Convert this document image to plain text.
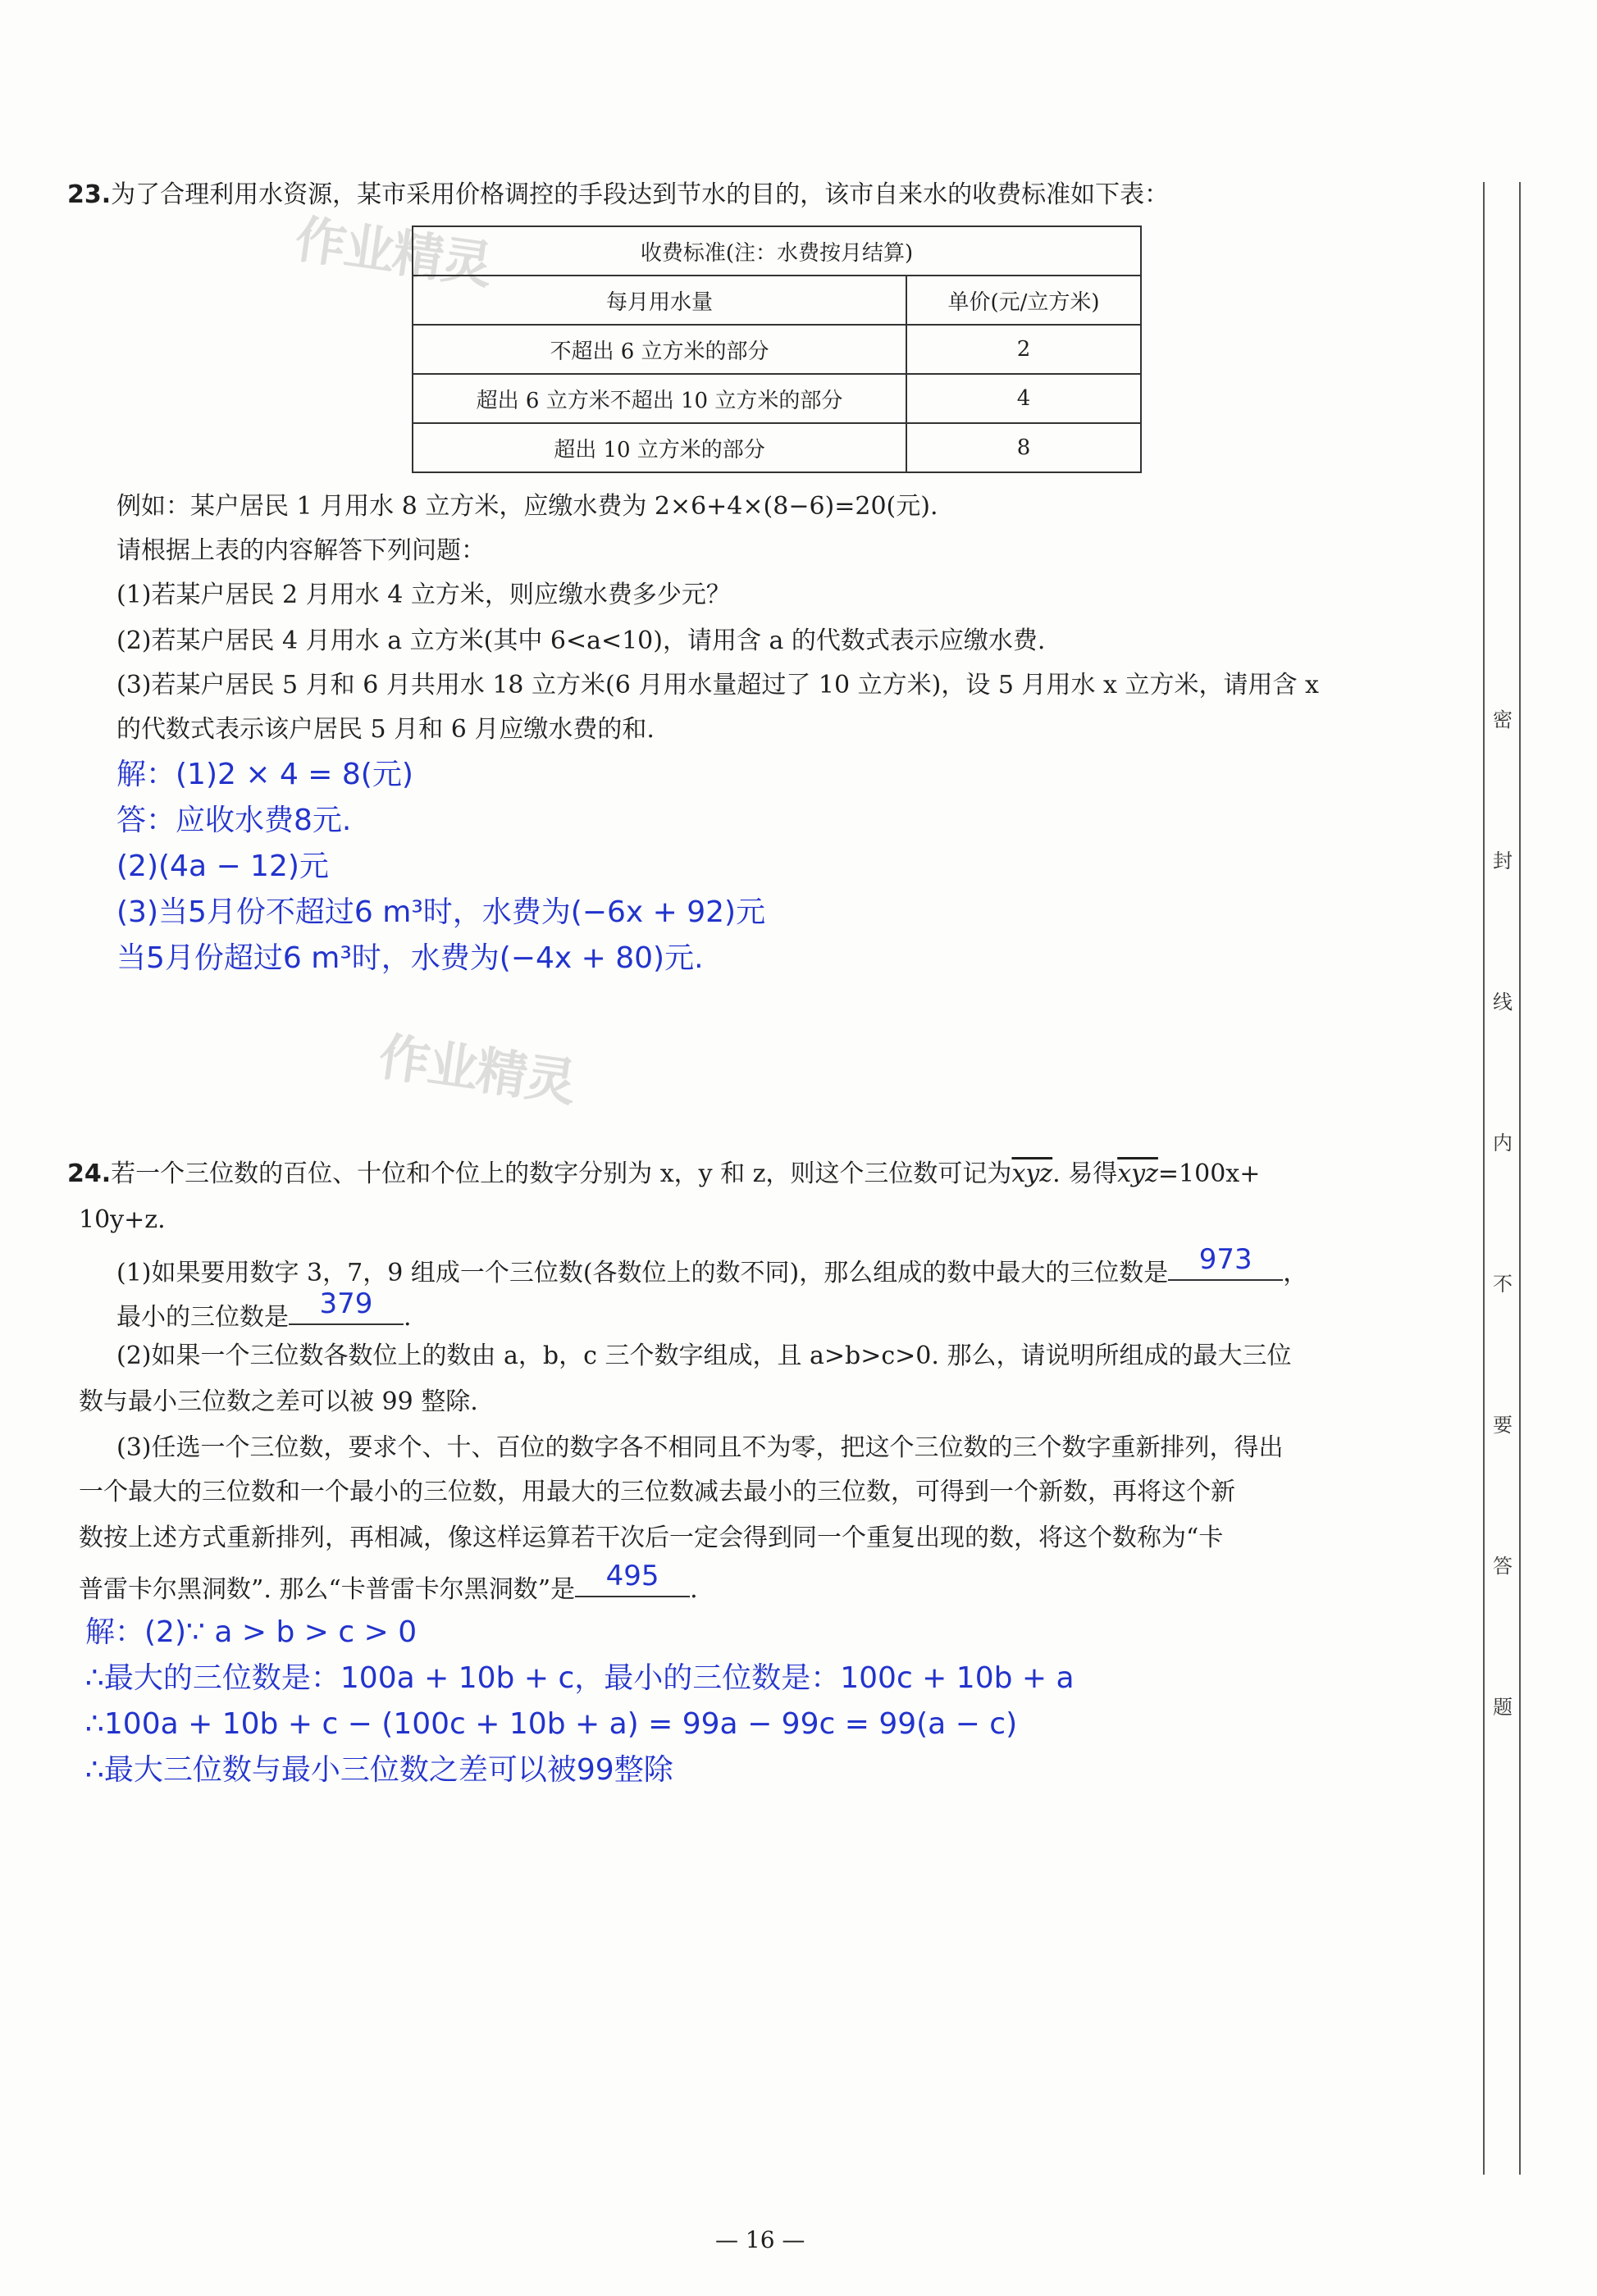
作业精灵
作业精灵
23.为了合理利用水资源，某市采用价格调控的手段达到节水的目的，该市自来水的收费标准如下表：
收费标准(注：水费按月结算)	
每月用水量	单价(元/立方米)
不超出 6 立方米的部分	2
超出 6 立方米不超出 10 立方米的部分	4
超出 10 立方米的部分	8
例如：某户居民 1 月用水 8 立方米，应缴水费为 2×6+4×(8−6)=20(元).
请根据上表的内容解答下列问题：
(1)若某户居民 2 月用水 4 立方米，则应缴水费多少元？
(2)若某户居民 4 月用水 a 立方米(其中 6<a<10)，请用含 a 的代数式表示应缴水费.
(3)若某户居民 5 月和 6 月共用水 18 立方米(6 月用水量超过了 10 立方米)，设 5 月用水 x 立方米，请用含 x
的代数式表示该户居民 5 月和 6 月应缴水费的和.
解：(1)2 × 4 = 8(元)
答：应收水费8元.
(2)(4a − 12)元
(3)当5月份不超过6 m³时，水费为(−6x + 92)元
当5月份超过6 m³时，水费为(−4x + 80)元.
24.若一个三位数的百位、十位和个位上的数字分别为 x，y 和 z，则这个三位数可记为$\overline{xyz}$. 易得$\overline{xyz}=100x+$
10y+z.
(1)如果要用数字 3，7，9 组成一个三位数(各数位上的数不同)，那么组成的数中最大的三位数是	973	，
最小的三位数是	379	.
(2)如果一个三位数各数位上的数由 a，b，c 三个数字组成，且 a>b>c>0. 那么，请说明所组成的最大三位
数与最小三位数之差可以被 99 整除.
(3)任选一个三位数，要求个、十、百位的数字各不相同且不为零，把这个三位数的三个数字重新排列，得出
一个最大的三位数和一个最小的三位数，用最大的三位数减去最小的三位数，可得到一个新数，再将这个新
数按上述方式重新排列，再相减，像这样运算若干次后一定会得到同一个重复出现的数，将这个数称为“卡
普雷卡尔黑洞数”. 那么“卡普雷卡尔黑洞数”是	495	.
解：(2)∵ a > b > c > 0
∴最大的三位数是：100a + 10b + c，最小的三位数是：100c + 10b + a
∴100a + 10b + c − (100c + 10b + a) = 99a − 99c = 99(a − c)
∴最大三位数与最小三位数之差可以被99整除
密
封
线
内
不
要
答
题
— 16 —
